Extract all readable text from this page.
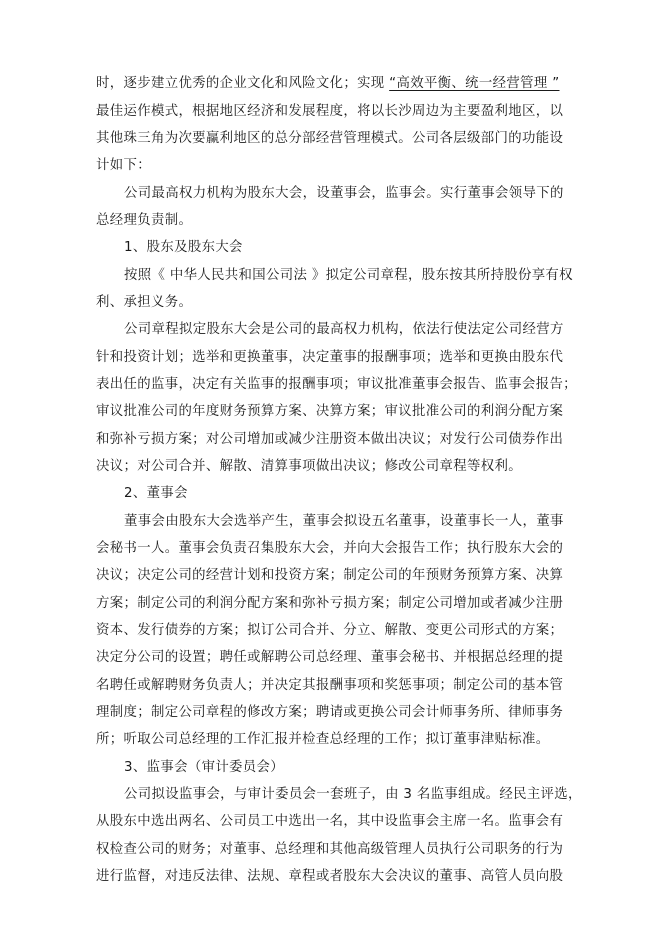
时，逐步建立优秀的企业文化和风险文化；实现 “高效平衡、统一经营管理 ”
最佳运作模式，根据地区经济和发展程度，将以长沙周边为主要盈利地区，以
其他珠三角为次要赢利地区的总分部经营管理模式。公司各层级部门的功能设
计如下：
公司最高权力机构为股东大会，设董事会，监事会。实行董事会领导下的
总经理负责制。
1、股东及股东大会
按照《 中华人民共和国公司法 》拟定公司章程，股东按其所持股份享有权
利、承担义务。
公司章程拟定股东大会是公司的最高权力机构，依法行使法定公司经营方
针和投资计划；选举和更换董事，决定董事的报酬事项；选举和更换由股东代
表出任的监事，决定有关监事的报酬事项；审议批准董事会报告、监事会报告；
审议批准公司的年度财务预算方案、决算方案；审议批准公司的利润分配方案
和弥补亏损方案；对公司增加或减少注册资本做出决议；对发行公司债券作出
决议；对公司合并、解散、清算事项做出决议；修改公司章程等权利。
2、董事会
董事会由股东大会选举产生，董事会拟设五名董事，设董事长一人，董事
会秘书一人。董事会负责召集股东大会，并向大会报告工作；执行股东大会的
决议；决定公司的经营计划和投资方案；制定公司的年预财务预算方案、决算
方案；制定公司的利润分配方案和弥补亏损方案；制定公司增加或者减少注册
资本、发行债券的方案；拟订公司合并、分立、解散、变更公司形式的方案；
决定分公司的设置；聘任或解聘公司总经理、董事会秘书、并根据总经理的提
名聘任或解聘财务负责人；并决定其报酬事项和奖惩事项；制定公司的基本管
理制度；制定公司章程的修改方案；聘请或更换公司会计师事务所、律师事务
所；听取公司总经理的工作汇报并检查总经理的工作；拟订董事津贴标准。
3、监事会（审计委员会）
公司拟设监事会，与审计委员会一套班子，由 3 名监事组成。经民主评选，
从股东中选出两名、公司员工中选出一名，其中设监事会主席一名。监事会有
权检查公司的财务；对董事、总经理和其他高级管理人员执行公司职务的行为
进行监督，对违反法律、法规、章程或者股东大会决议的董事、高管人员向股
